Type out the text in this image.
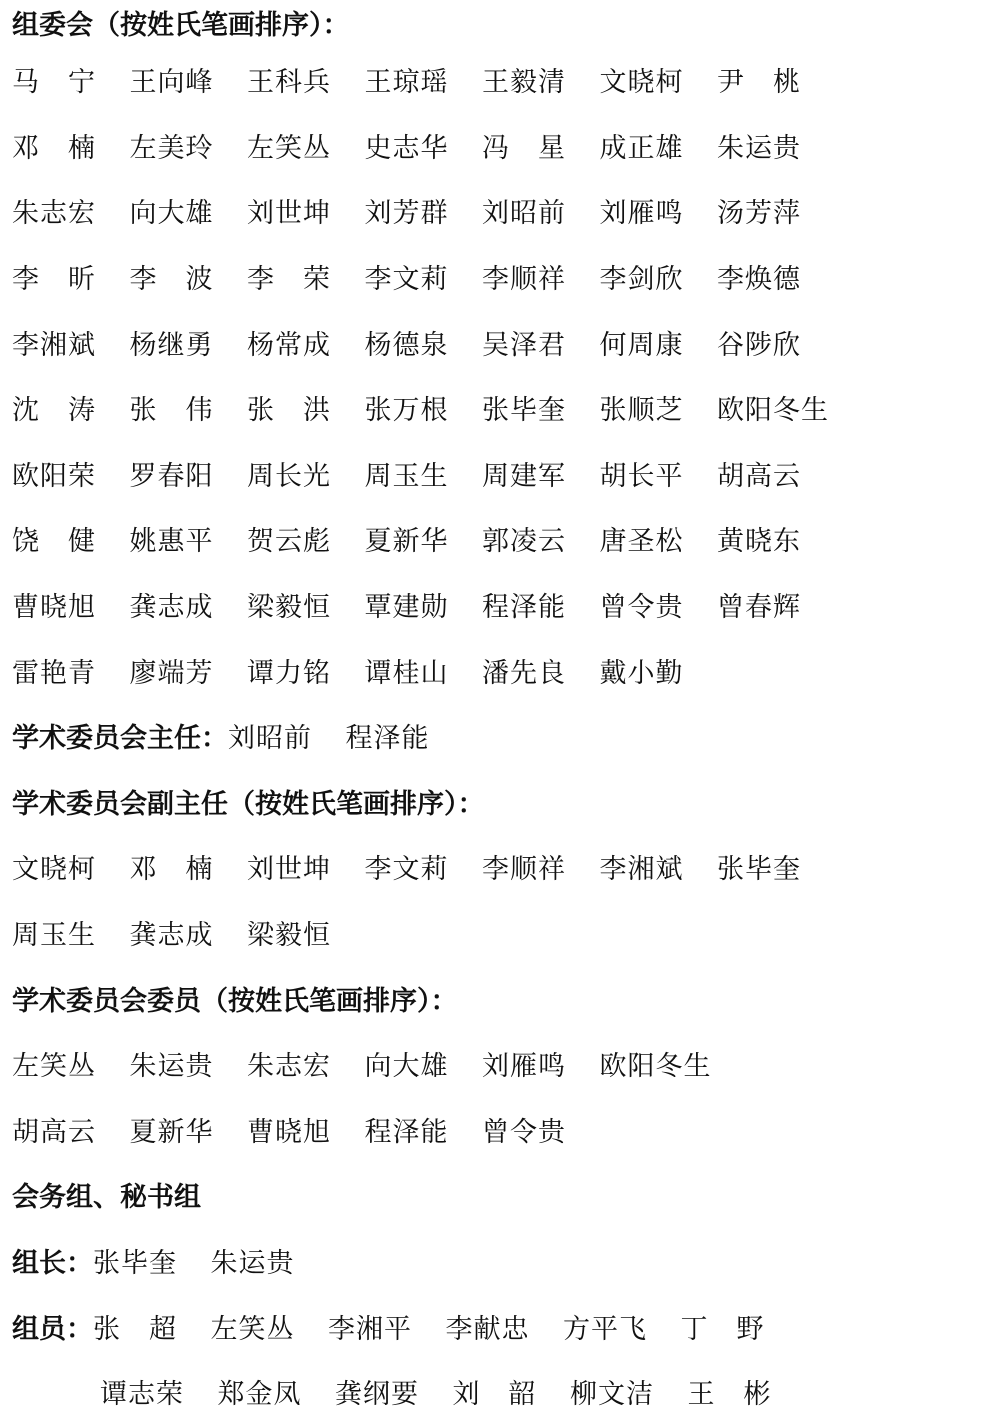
组委会（按姓氏笔画排序）：
马　宁	王向峰	王科兵	王琼瑶	王毅清	文晓柯	尹　桃
邓　楠	左美玲	左笑丛	史志华	冯　星	成正雄	朱运贵
朱志宏	向大雄	刘世坤	刘芳群	刘昭前	刘雁鸣	汤芳萍
李　昕	李　波	李　荣	李文莉	李顺祥	李剑欣	李焕德
李湘斌	杨继勇	杨常成	杨德泉	吴泽君	何周康	谷陟欣
沈　涛	张　伟	张　洪	张万根	张毕奎	张顺芝	欧阳冬生
欧阳荣	罗春阳	周长光	周玉生	周建军	胡长平	胡高云
饶　健	姚惠平	贺云彪	夏新华	郭凌云	唐圣松	黄晓东
曹晓旭	龚志成	梁毅恒	覃建勋	程泽能	曾令贵	曾春辉
雷艳青	廖端芳	谭力铭	谭桂山	潘先良	戴小勤
学术委员会主任： 刘昭前	程泽能
学术委员会副主任（按姓氏笔画排序）：
文晓柯	邓　楠	刘世坤	李文莉	李顺祥	李湘斌	张毕奎
周玉生	龚志成	梁毅恒
学术委员会委员（按姓氏笔画排序）：
左笑丛	朱运贵	朱志宏	向大雄	刘雁鸣	欧阳冬生
胡高云	夏新华	曹晓旭	程泽能	曾令贵
会务组、秘书组
组长： 张毕奎	朱运贵
组员： 张　超	左笑丛	李湘平	李献忠	方平飞	丁　野
谭志荣	郑金凤	龚纲要	刘　韶	柳文洁	王　彬
